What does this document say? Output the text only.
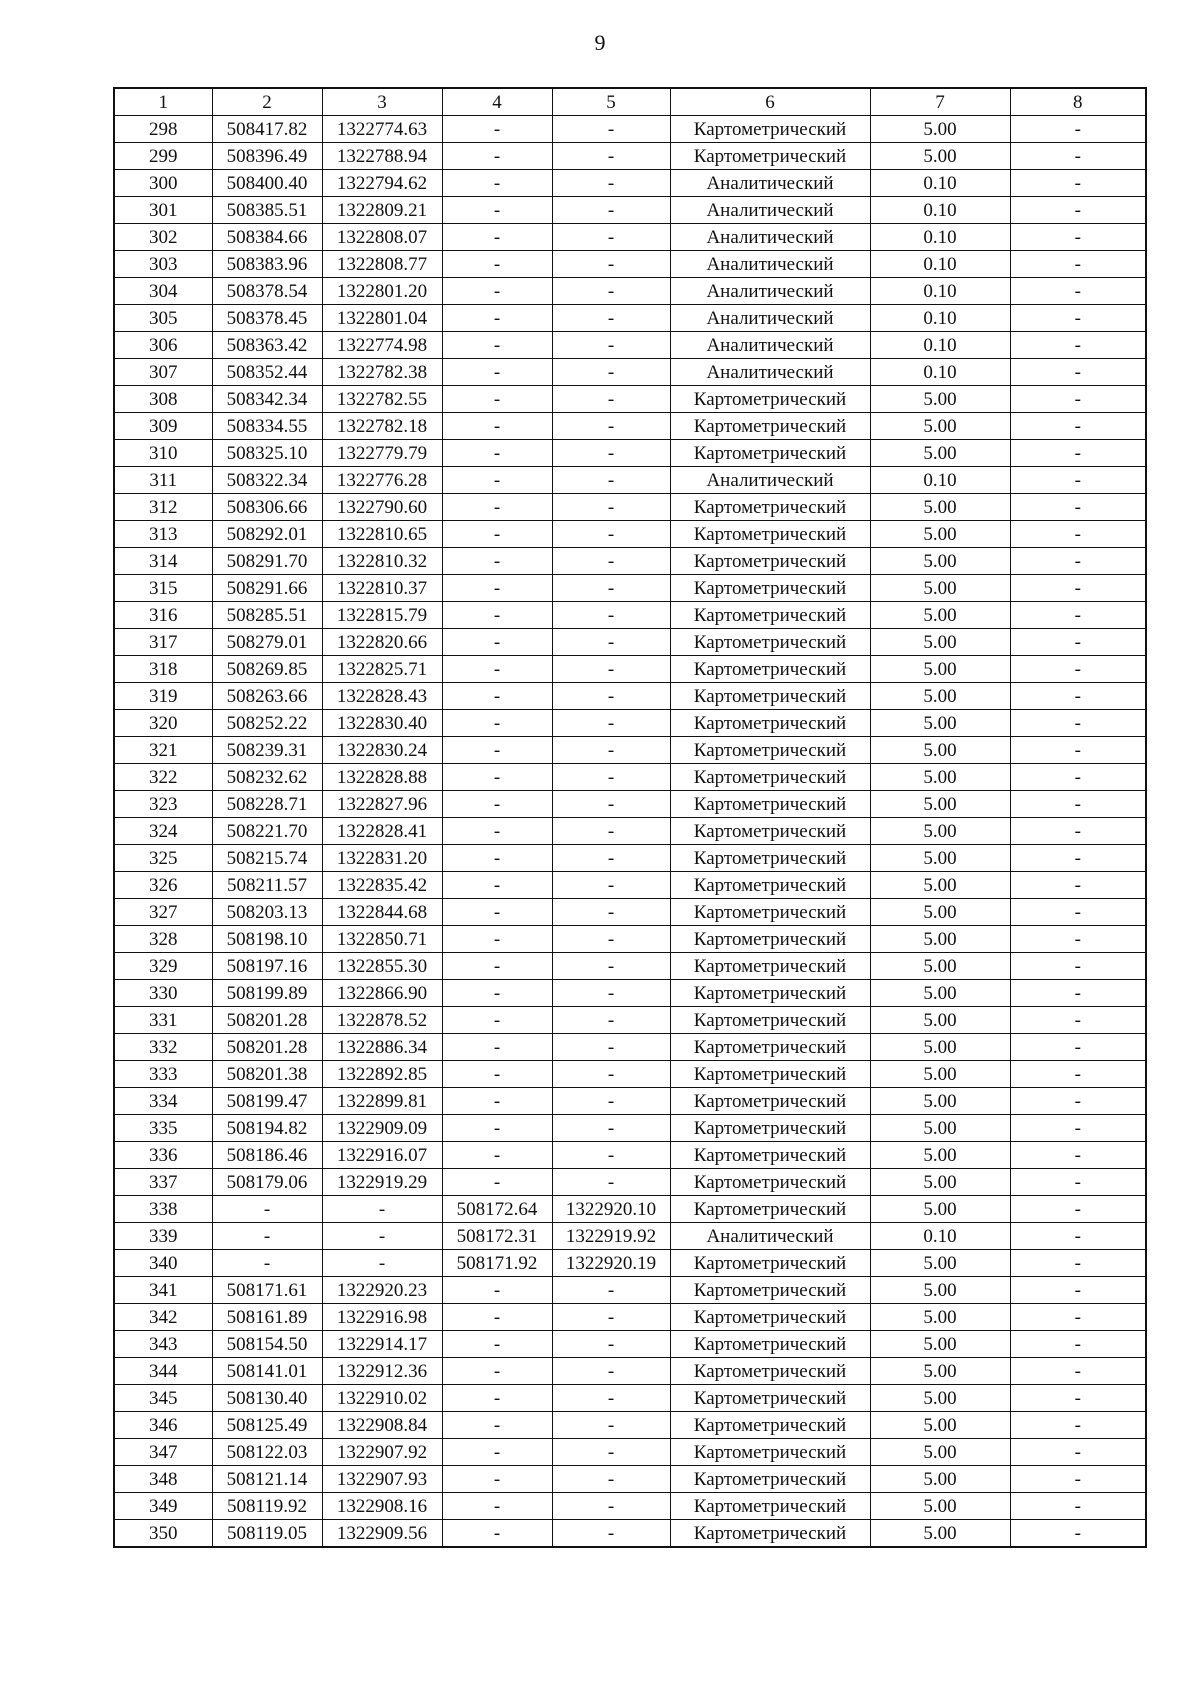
9
1	2	3	4	5	6	7	8
298	508417.82	1322774.63	-	-	Картометрический	5.00	-
299	508396.49	1322788.94	-	-	Картометрический	5.00	-
300	508400.40	1322794.62	-	-	Аналитический	0.10	-
301	508385.51	1322809.21	-	-	Аналитический	0.10	-
302	508384.66	1322808.07	-	-	Аналитический	0.10	-
303	508383.96	1322808.77	-	-	Аналитический	0.10	-
304	508378.54	1322801.20	-	-	Аналитический	0.10	-
305	508378.45	1322801.04	-	-	Аналитический	0.10	-
306	508363.42	1322774.98	-	-	Аналитический	0.10	-
307	508352.44	1322782.38	-	-	Аналитический	0.10	-
308	508342.34	1322782.55	-	-	Картометрический	5.00	-
309	508334.55	1322782.18	-	-	Картометрический	5.00	-
310	508325.10	1322779.79	-	-	Картометрический	5.00	-
311	508322.34	1322776.28	-	-	Аналитический	0.10	-
312	508306.66	1322790.60	-	-	Картометрический	5.00	-
313	508292.01	1322810.65	-	-	Картометрический	5.00	-
314	508291.70	1322810.32	-	-	Картометрический	5.00	-
315	508291.66	1322810.37	-	-	Картометрический	5.00	-
316	508285.51	1322815.79	-	-	Картометрический	5.00	-
317	508279.01	1322820.66	-	-	Картометрический	5.00	-
318	508269.85	1322825.71	-	-	Картометрический	5.00	-
319	508263.66	1322828.43	-	-	Картометрический	5.00	-
320	508252.22	1322830.40	-	-	Картометрический	5.00	-
321	508239.31	1322830.24	-	-	Картометрический	5.00	-
322	508232.62	1322828.88	-	-	Картометрический	5.00	-
323	508228.71	1322827.96	-	-	Картометрический	5.00	-
324	508221.70	1322828.41	-	-	Картометрический	5.00	-
325	508215.74	1322831.20	-	-	Картометрический	5.00	-
326	508211.57	1322835.42	-	-	Картометрический	5.00	-
327	508203.13	1322844.68	-	-	Картометрический	5.00	-
328	508198.10	1322850.71	-	-	Картометрический	5.00	-
329	508197.16	1322855.30	-	-	Картометрический	5.00	-
330	508199.89	1322866.90	-	-	Картометрический	5.00	-
331	508201.28	1322878.52	-	-	Картометрический	5.00	-
332	508201.28	1322886.34	-	-	Картометрический	5.00	-
333	508201.38	1322892.85	-	-	Картометрический	5.00	-
334	508199.47	1322899.81	-	-	Картометрический	5.00	-
335	508194.82	1322909.09	-	-	Картометрический	5.00	-
336	508186.46	1322916.07	-	-	Картометрический	5.00	-
337	508179.06	1322919.29	-	-	Картометрический	5.00	-
338	-	-	508172.64	1322920.10	Картометрический	5.00	-
339	-	-	508172.31	1322919.92	Аналитический	0.10	-
340	-	-	508171.92	1322920.19	Картометрический	5.00	-
341	508171.61	1322920.23	-	-	Картометрический	5.00	-
342	508161.89	1322916.98	-	-	Картометрический	5.00	-
343	508154.50	1322914.17	-	-	Картометрический	5.00	-
344	508141.01	1322912.36	-	-	Картометрический	5.00	-
345	508130.40	1322910.02	-	-	Картометрический	5.00	-
346	508125.49	1322908.84	-	-	Картометрический	5.00	-
347	508122.03	1322907.92	-	-	Картометрический	5.00	-
348	508121.14	1322907.93	-	-	Картометрический	5.00	-
349	508119.92	1322908.16	-	-	Картометрический	5.00	-
350	508119.05	1322909.56	-	-	Картометрический	5.00	-
